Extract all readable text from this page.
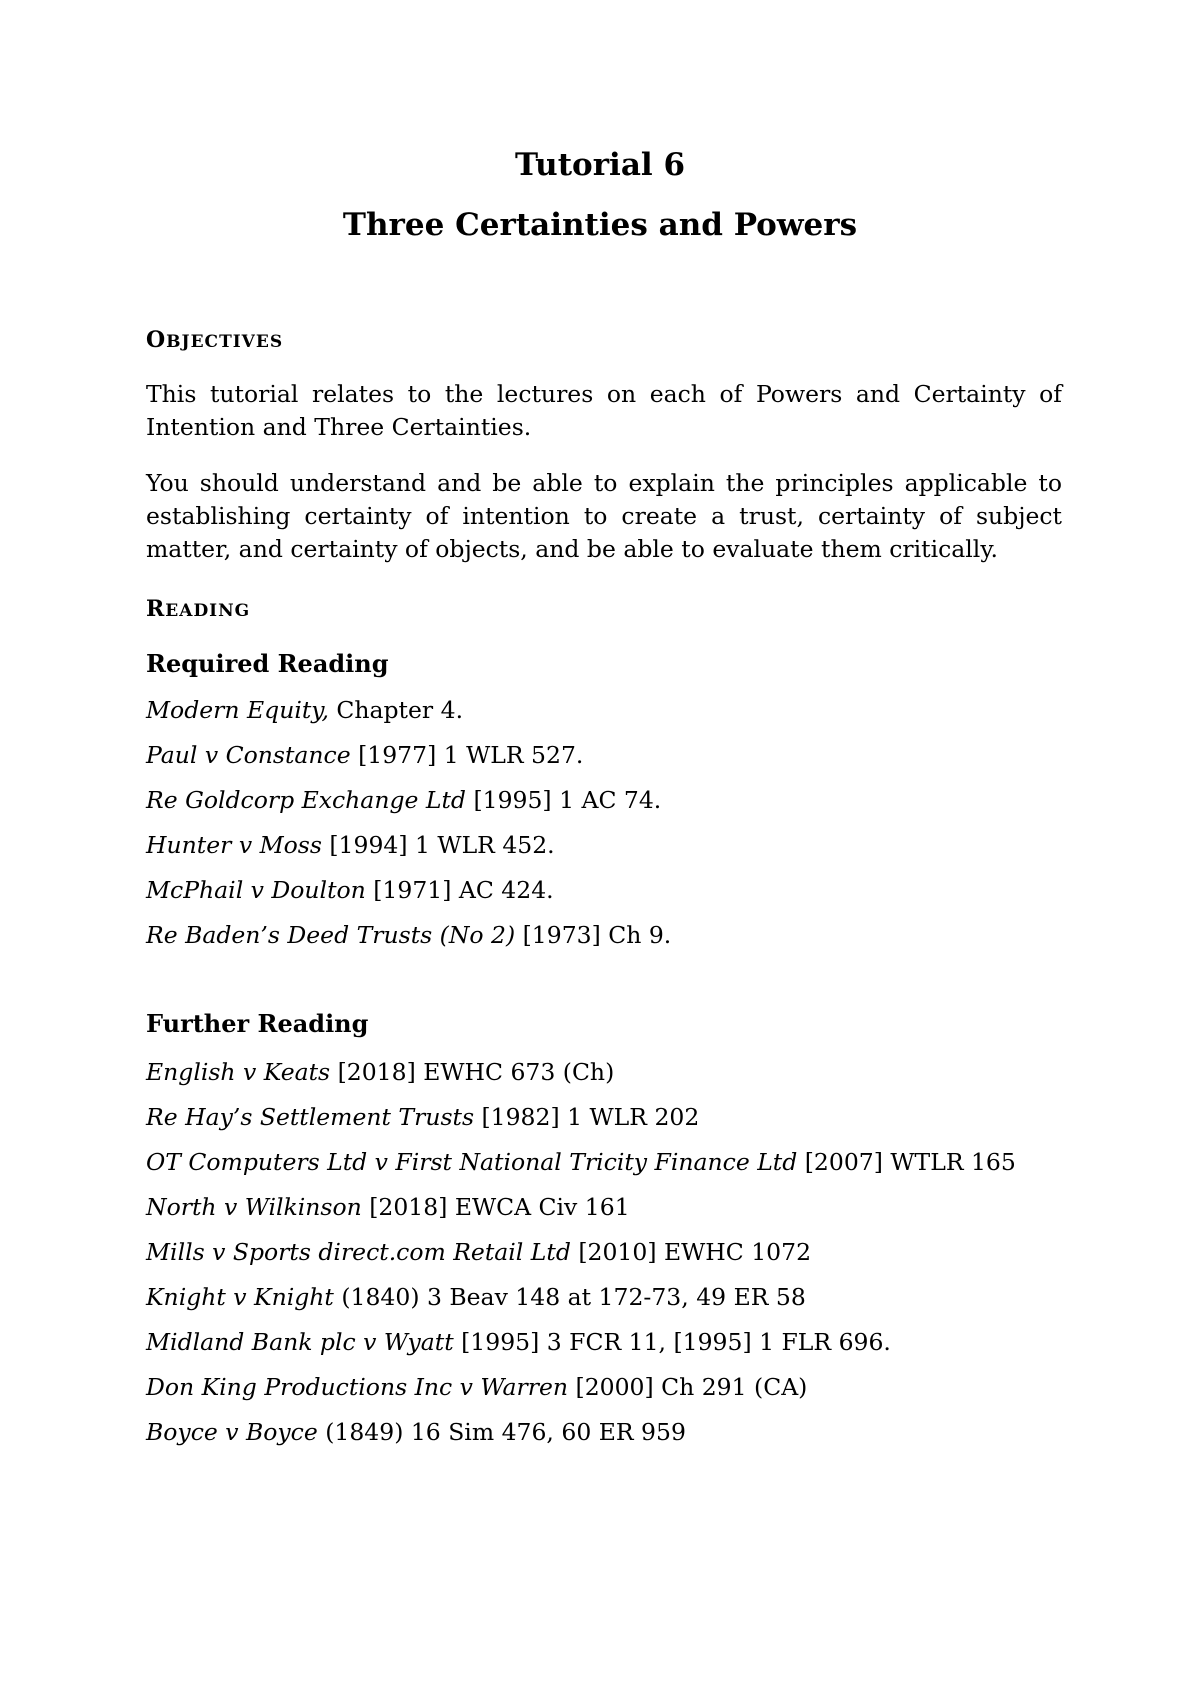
Tutorial 6
Three Certainties and Powers
OBJECTIVES

This tutorial relates to the lectures on each of Powers and Certainty of Intention and Three Certainties.

You should understand and be able to explain the principles applicable to establishing certainty of intention to create a trust, certainty of subject matter, and certainty of objects, and be able to evaluate them critically.

READING
Required Reading
Modern Equity, Chapter 4.
Paul v Constance [1977] 1 WLR 527.
Re Goldcorp Exchange Ltd [1995] 1 AC 74.
Hunter v Moss [1994] 1 WLR 452.
McPhail v Doulton [1971] AC 424.
Re Baden’s Deed Trusts (No 2) [1973] Ch 9.
Further Reading
English v Keats [2018] EWHC 673 (Ch)
Re Hay’s Settlement Trusts [1982] 1 WLR 202
OT Computers Ltd v First National Tricity Finance Ltd [2007] WTLR 165
North v Wilkinson [2018] EWCA Civ 161
Mills v Sports direct.com Retail Ltd [2010] EWHC 1072
Knight v Knight (1840) 3 Beav 148 at 172-73, 49 ER 58
Midland Bank plc v Wyatt [1995] 3 FCR 11, [1995] 1 FLR 696.
Don King Productions Inc v Warren [2000] Ch 291 (CA)
Boyce v Boyce (1849) 16 Sim 476, 60 ER 959
